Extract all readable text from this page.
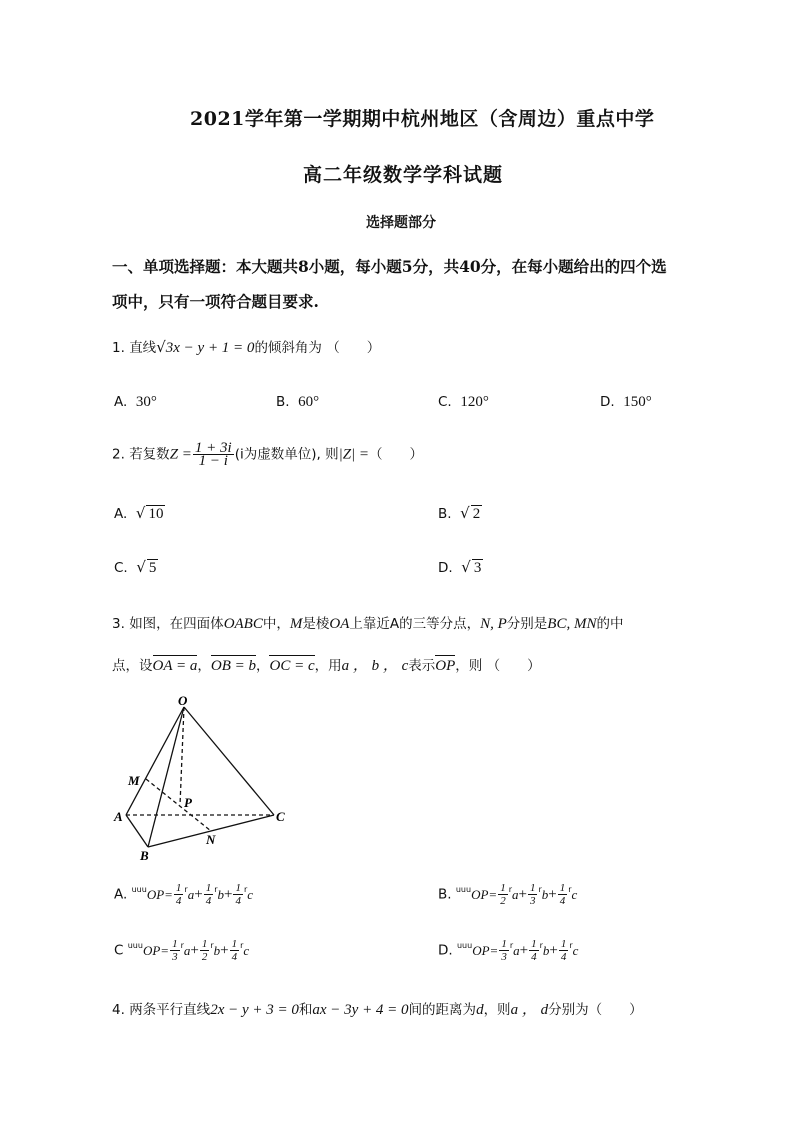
2021学年第一学期期中杭州地区（含周边）重点中学
高二年级数学学科试题
选择题部分
一、单项选择题：本大题共8小题，每小题5分，共40分，在每小题给出的四个选
项中，只有一项符合题目要求.
1. 直线√3x − y + 1 = 0的倾斜角为 （　　）
A. 30°	B. 60°	C. 120°	D. 150°
2. 若复数$Z = \frac{1 + 3i}{1 - i} (i$为虚数单位), 则|Z| =（　　）
A. √ 10	B. √ 2
C. √ 5	D. √ 3
3. 如图，在四面体OABC中，M是棱OA上靠近A的三等分点，N, P分别是BC, MN的中
点，设OA = a，OB = b，OC = c，用a ， b ， c表示OP，则 （　　）
O
M
A
P
C
N
B
A. $^{uuu}OP= \frac{1}{4} ^ra+ \frac{1}{4} ^rb+ \frac{1}{4} ^rc$	B. $^{uuu}OP= \frac{1}{2} ^ra+ \frac{1}{3} ^rb+ \frac{1}{4} ^rc$
C $^{uuu}OP= \frac{1}{3} ^ra+ \frac{1}{2} ^rb+ \frac{1}{4} ^rc$	D. $^{uuu}OP= \frac{1}{3} ^ra+ \frac{1}{4} ^rb+ \frac{1}{4} ^rc$
4. 两条平行直线2x − y + 3 = 0和ax − 3y + 4 = 0间的距离为d，则a ， d分别为（　　）
